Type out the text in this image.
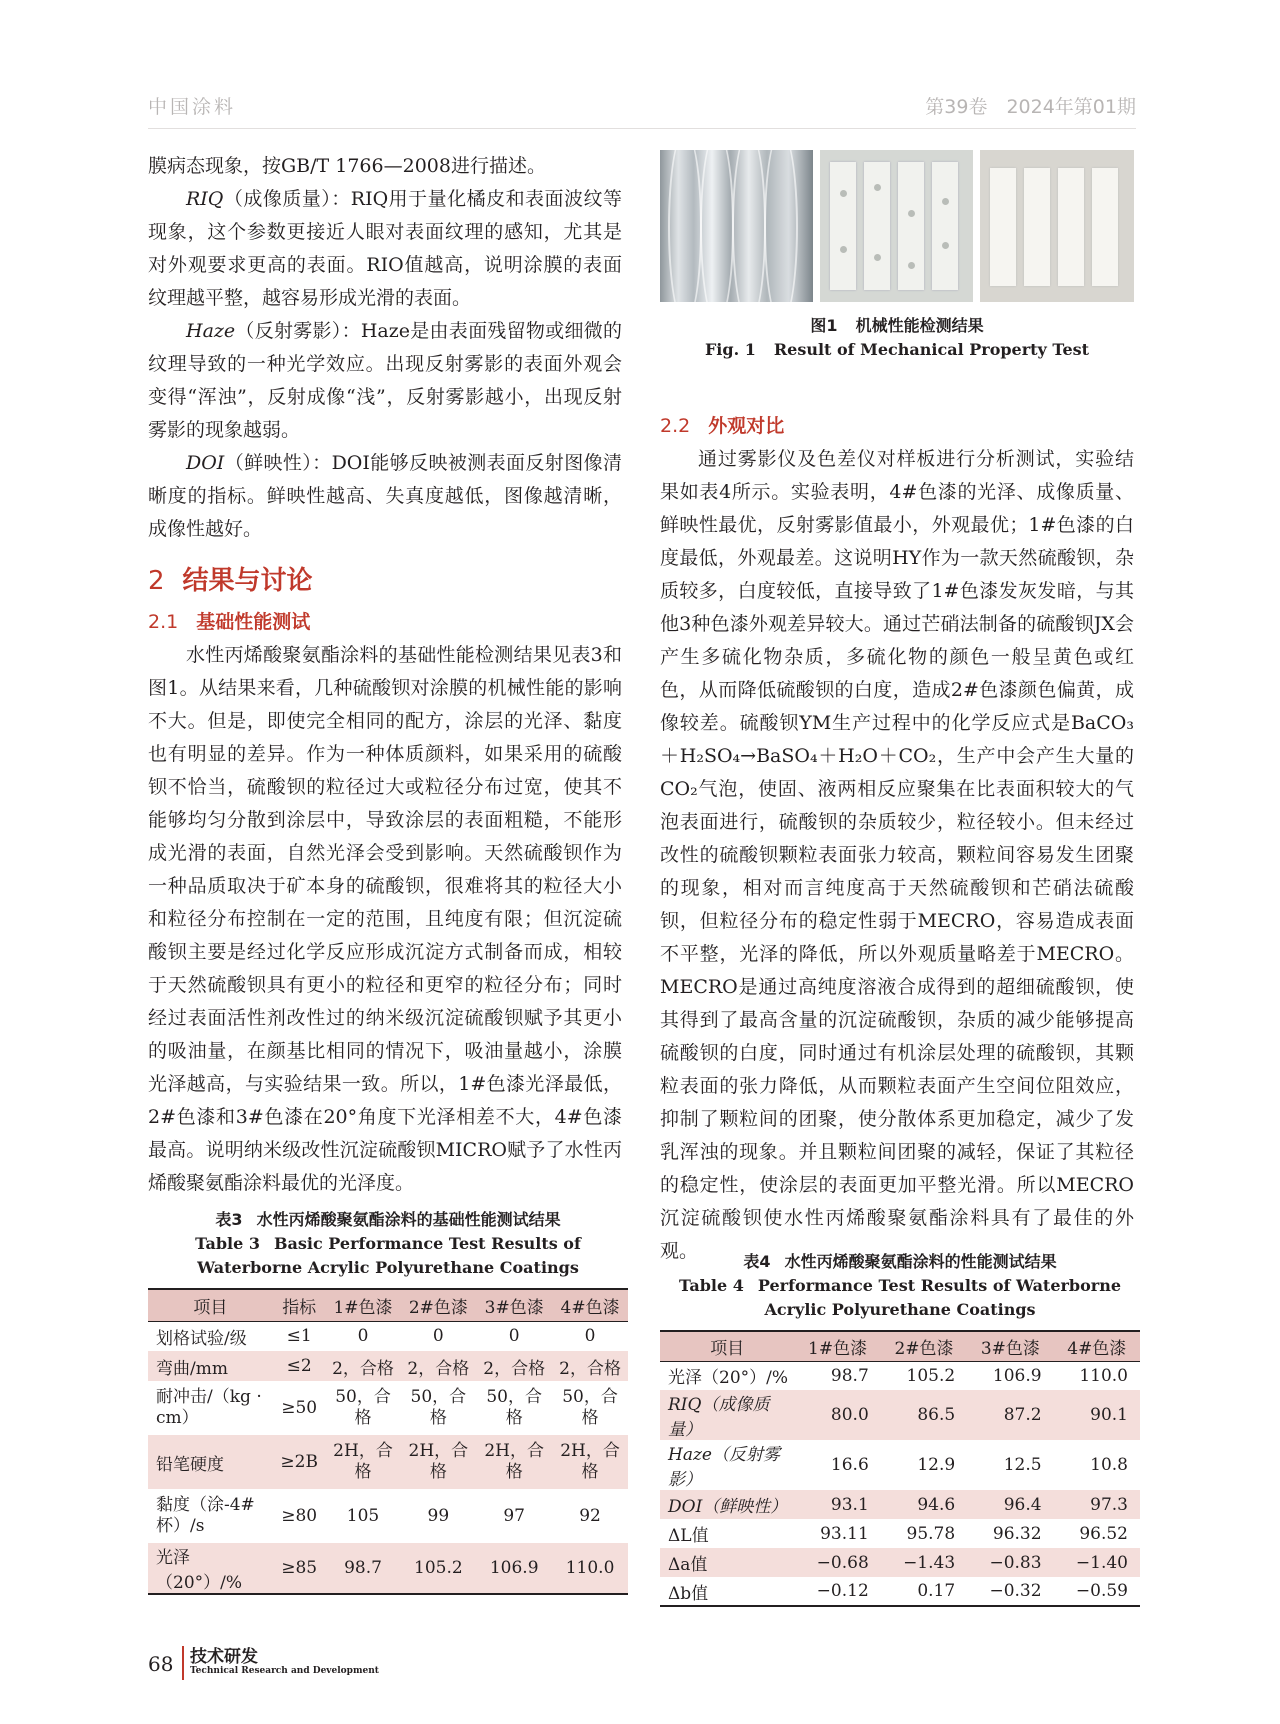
中国涂料	第39卷　2024年第01期

膜病态现象，按GB/T 1766—2008进行描述。

RIQ（成像质量）：RIQ用于量化橘皮和表面波纹等现象，这个参数更接近人眼对表面纹理的感知，尤其是对外观要求更高的表面。RIO值越高，说明涂膜的表面纹理越平整，越容易形成光滑的表面。

Haze（反射雾影）：Haze是由表面残留物或细微的纹理导致的一种光学效应。出现反射雾影的表面外观会变得“浑浊”，反射成像“浅”，反射雾影越小，出现反射雾影的现象越弱。

DOI（鲜映性）：DOI能够反映被测表面反射图像清晰度的指标。鲜映性越高、失真度越低，图像越清晰，成像性越好。

2 结果与讨论
2.1 基础性能测试

水性丙烯酸聚氨酯涂料的基础性能检测结果见表3和图1。从结果来看，几种硫酸钡对涂膜的机械性能的影响不大。但是，即使完全相同的配方，涂层的光泽、黏度也有明显的差异。作为一种体质颜料，如果采用的硫酸钡不恰当，硫酸钡的粒径过大或粒径分布过宽，使其不能够均匀分散到涂层中，导致涂层的表面粗糙，不能形成光滑的表面，自然光泽会受到影响。天然硫酸钡作为一种品质取决于矿本身的硫酸钡，很难将其的粒径大小和粒径分布控制在一定的范围，且纯度有限；但沉淀硫酸钡主要是经过化学反应形成沉淀方式制备而成，相较于天然硫酸钡具有更小的粒径和更窄的粒径分布；同时经过表面活性剂改性过的纳米级沉淀硫酸钡赋予其更小的吸油量，在颜基比相同的情况下，吸油量越小，涂膜光泽越高，与实验结果一致。所以，1#色漆光泽最低，2#色漆和3#色漆在20°角度下光泽相差不大，4#色漆最高。说明纳米级改性沉淀硫酸钡MICRO赋予了水性丙烯酸聚氨酯涂料最优的光泽度。

图1 机械性能检测结果
Fig. 1 Result of Mechanical Property Test
2.2 外观对比

通过雾影仪及色差仪对样板进行分析测试，实验结果如表4所示。实验表明，4#色漆的光泽、成像质量、鲜映性最优，反射雾影值最小，外观最优；1#色漆的白度最低，外观最差。这说明HY作为一款天然硫酸钡，杂质较多，白度较低，直接导致了1#色漆发灰发暗，与其他3种色漆外观差异较大。通过芒硝法制备的硫酸钡JX会产生多硫化物杂质，多硫化物的颜色一般呈黄色或红色，从而降低硫酸钡的白度，造成2#色漆颜色偏黄，成像较差。硫酸钡YM生产过程中的化学反应式是BaCO₃＋H₂SO₄→BaSO₄＋H₂O＋CO₂，生产中会产生大量的CO₂气泡，使固、液两相反应聚集在比表面积较大的气泡表面进行，硫酸钡的杂质较少，粒径较小。但未经过改性的硫酸钡颗粒表面张力较高，颗粒间容易发生团聚的现象，相对而言纯度高于天然硫酸钡和芒硝法硫酸钡，但粒径分布的稳定性弱于MECRO，容易造成表面不平整，光泽的降低，所以外观质量略差于MECRO。MECRO是通过高纯度溶液合成得到的超细硫酸钡，使其得到了最高含量的沉淀硫酸钡，杂质的减少能够提高硫酸钡的白度，同时通过有机涂层处理的硫酸钡，其颗粒表面的张力降低，从而颗粒表面产生空间位阻效应，抑制了颗粒间的团聚，使分散体系更加稳定，减少了发乳浑浊的现象。并且颗粒间团聚的减轻，保证了其粒径的稳定性，使涂层的表面更加平整光滑。所以MECRO沉淀硫酸钡使水性丙烯酸聚氨酯涂料具有了最佳的外观。

表3 水性丙烯酸聚氨酯涂料的基础性能测试结果
Table 3 Basic Performance Test Results of Waterborne Acrylic Polyurethane Coatings
项目	指标	1#色漆	2#色漆	3#色漆	4#色漆
划格试验/级	≤1	0	0	0	0
弯曲/mm	≤2	2，合格	2，合格	2，合格	2，合格
耐冲击/（kg · cm）	≥50	50，合格	50，合格	50，合格	50，合格
铅笔硬度	≥2B	2H，合格	2H，合格	2H，合格	2H，合格
黏度（涂-4#杯）/s	≥80	105	99	97	92
光泽（20°）/%	≥85	98.7	105.2	106.9	110.0
表4 水性丙烯酸聚氨酯涂料的性能测试结果
Table 4 Performance Test Results of Waterborne Acrylic Polyurethane Coatings
项目	1#色漆	2#色漆	3#色漆	4#色漆
光泽（20°）/%	98.7	105.2	106.9	110.0
RIQ（成像质量）	80.0	86.5	87.2	90.1
Haze（反射雾影）	16.6	12.9	12.5	10.8
DOI（鲜映性）	93.1	94.6	96.4	97.3
ΔL值	93.11	95.78	96.32	96.52
Δa值	−0.68	−1.43	−0.83	−1.40
Δb值	−0.12	0.17	−0.32	−0.59
68 技术研发
Technical Research and Development
